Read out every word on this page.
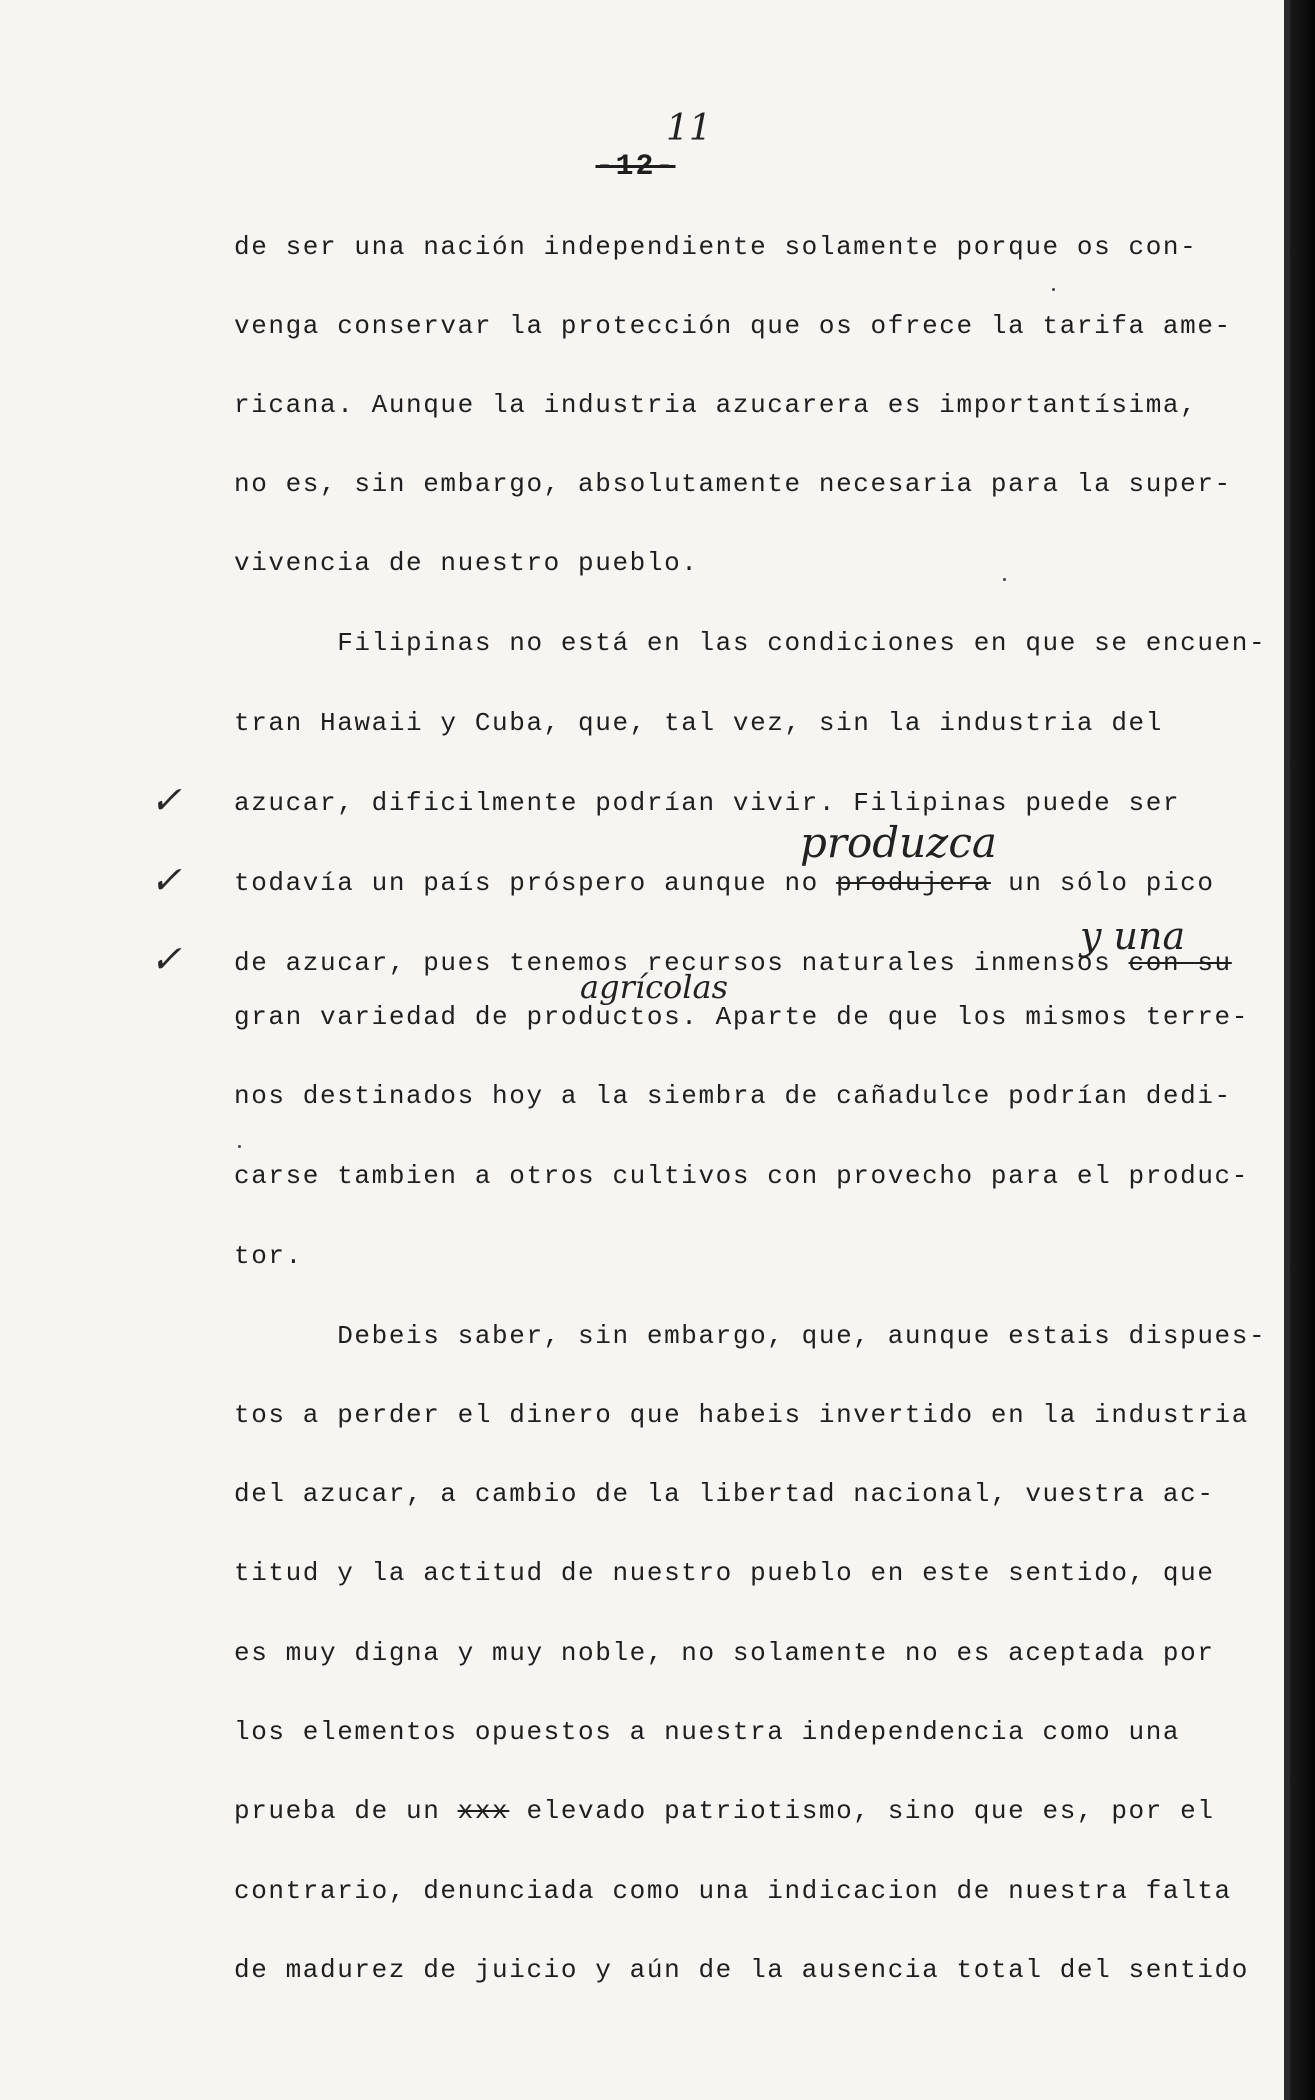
11
-12-
de ser una nación independiente solamente porque os con-
venga conservar la protección que os ofrece la tarifa ame-
ricana. Aunque la industria azucarera es importantísima,
no es, sin embargo, absolutamente necesaria para la super-
vivencia de nuestro pueblo.
Filipinas no está en las condiciones en que se encuen-
tran Hawaii y Cuba, que, tal vez, sin la industria del
✓ azucar, dificilmente podrían vivir. Filipinas puede ser
produzca
✓ todavía un país próspero aunque no produjera un sólo pico
y una
✓ de azucar, pues tenemos recursos naturales inmensos con su
agrícolas
gran variedad de productos. Aparte de que los mismos terre-
nos destinados hoy a la siembra de cañadulce podrían dedi-
carse tambien a otros cultivos con provecho para el produc-
tor.
Debeis saber, sin embargo, que, aunque estais dispues-
tos a perder el dinero que habeis invertido en la industria
del azucar, a cambio de la libertad nacional, vuestra ac-
titud y la actitud de nuestro pueblo en este sentido, que
es muy digna y muy noble, no solamente no es aceptada por
los elementos opuestos a nuestra independencia como una
prueba de un xxx elevado patriotismo, sino que es, por el
contrario, denunciada como una indicacion de nuestra falta
de madurez de juicio y aún de la ausencia total del sentido
